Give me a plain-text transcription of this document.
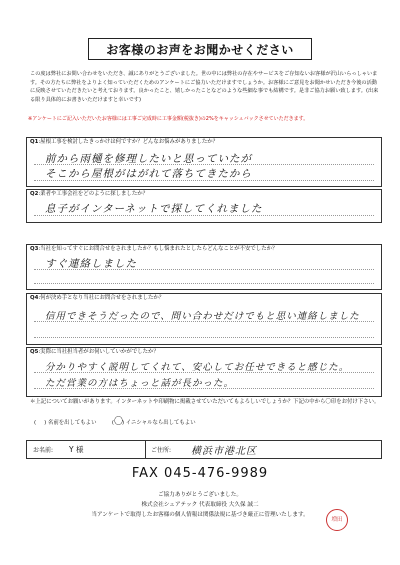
お客様のお声をお聞かせください
この度は弊社にお問い合わせをいただき、誠にありがとうございました。世の中には弊社の存在やサービスをご存知ないお客様が沢山いらっしゃいます。その方たちに弊社をよりよく知っていただくためのアンケートにご協力いただけますでしょうか。お客様にご意見をお聞かせいただき今後の活動に反映させていただきたいと考えております。良かったこと、嬉しかったことなどのような些細な事でも結構です。是非ご協力お願い致します。(出来る限り具体的にお書きいただけますと幸いです)
※アンケートにご記入いただいたお客様には工事ご完成時に工事金額(税抜き)の2%をキャッシュバックさせていただきます。
Q1:屋根工事を検討したきっかけは何ですか？どんなお悩みがありましたか？
前から雨樋を修理したいと思っていたが
そこから屋根がはがれて落ちてきたから
Q2:業者や工事会社をどのように探しましたか？
息子がインターネットで探してくれました
Q3:当社を知ってすぐにお問合せをされましたか？もし悩まれたとしたらどんなことが不安でしたか？
すぐ連絡しました
Q4:何が決め手となり当社にお問合せをされましたか？
信用できそうだったので、問い合わせだけでもと思い連絡しました
Q5:実際に当社担当者がお伺いしていかがでしたか？
分かりやすく説明してくれて、安心してお任せできると感じた。
ただ営業の方はちょっと話が長かった。
＊上記についてお願いがあります。インターネットや印刷物に掲載させていただいてもよろしいでしょうか？下記の中から〇印をお付け下さい。
( ) 名前を出してもよい         (〇) イニシャルなら出してもよい
お名前:	Y 様	ご住所:	横浜市港北区
FAX 045-476-9989
ご協力ありがとうございました。
株式会社シェアテック 代表取締役 大久保 誠二
当アンケートで取得したお客様の個人情報は関係法規に基づき厳正に管理いたします。
増田
